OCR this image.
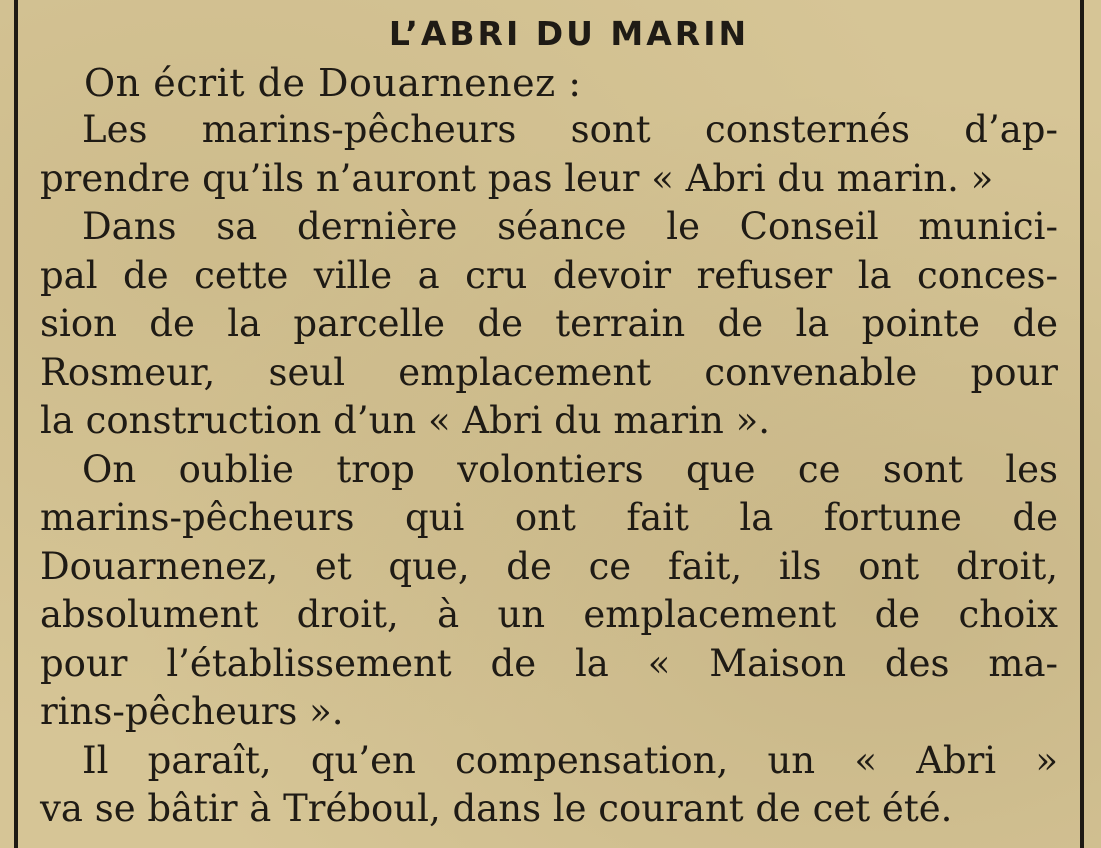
L’ABRI DU MARIN
On écrit de Douarnenez :
Les marins-pêcheurs sont consternés d’ap-
prendre qu’ils n’auront pas leur « Abri du marin. »
Dans sa dernière séance le Conseil munici-
pal de cette ville a cru devoir refuser la conces-
sion de la parcelle de terrain de la pointe de
Rosmeur, seul emplacement convenable pour
la construction d’un « Abri du marin ».
On oublie trop volontiers que ce sont les
marins-pêcheurs qui ont fait la fortune de
Douarnenez, et que, de ce fait, ils ont droit,
absolument droit, à un emplacement de choix
pour l’établissement de la « Maison des ma-
rins-pêcheurs ».
Il paraît, qu’en compensation, un « Abri »
va se bâtir à Tréboul, dans le courant de cet été.
